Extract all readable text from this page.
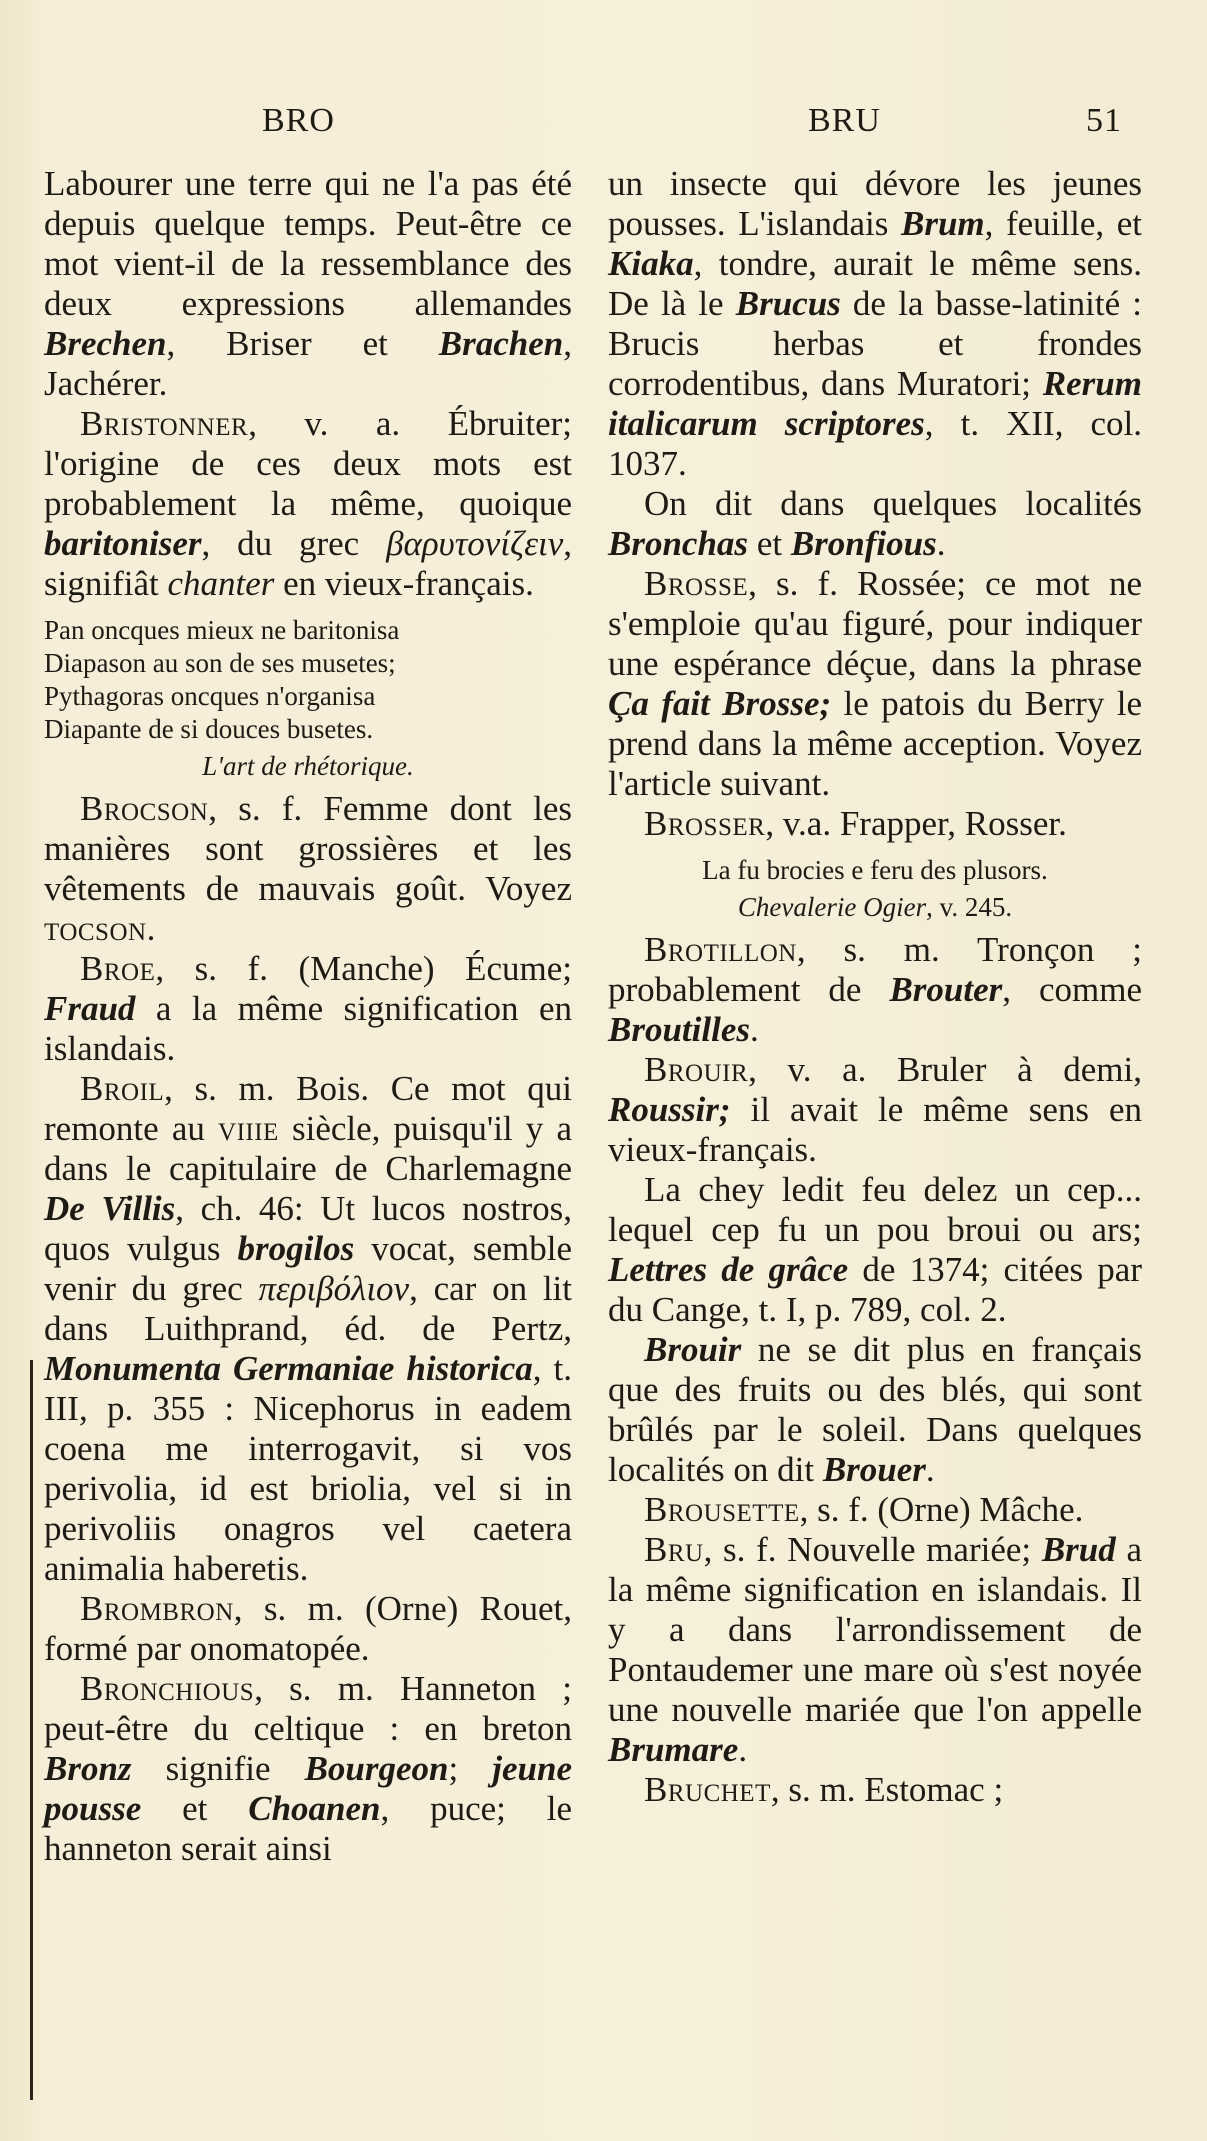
BRO	BRU	51

Labourer une terre qui ne l'a pas été depuis quelque temps. Peut-être ce mot vient-il de la ressemblance des deux expressions allemandes Brechen, Briser et Brachen, Jachérer.

Bristonner, v. a. Ébruiter; l'origine de ces deux mots est probablement la même, quoique baritoniser, du grec βαρυτονίζειν, signifiât chanter en vieux-français.

Pan oncques mieux ne baritonisa

Diapason au son de ses musetes;

Pythagoras oncques n'organisa

Diapante de si douces busetes.

L'art de rhétorique.

Brocson, s. f. Femme dont les manières sont grossières et les vêtements de mauvais goût. Voyez tocson.

Broe, s. f. (Manche) Écume; Fraud a la même signification en islandais.

Broil, s. m. Bois. Ce mot qui remonte au viiie siècle, puisqu'il y a dans le capitulaire de Charlemagne De Villis, ch. 46: Ut lucos nostros, quos vulgus brogilos vocat, semble venir du grec περιβόλιον, car on lit dans Luithprand, éd. de Pertz, Monumenta Germaniae historica, t. III, p. 355 : Nicephorus in eadem coena me interrogavit, si vos perivolia, id est briolia, vel si in perivoliis onagros vel caetera animalia haberetis.

Brombron, s. m. (Orne) Rouet, formé par onomatopée.

Bronchious, s. m. Hanneton ; peut-être du celtique : en breton Bronz signifie Bourgeon; jeune pousse et Choanen, puce; le hanneton serait ainsi

un insecte qui dévore les jeunes pousses. L'islandais Brum, feuille, et Kiaka, tondre, aurait le même sens. De là le Brucus de la basse-latinité : Brucis herbas et frondes corrodentibus, dans Muratori; Rerum italicarum scriptores, t. XII, col. 1037.

On dit dans quelques localités Bronchas et Bronfious.

Brosse, s. f. Rossée; ce mot ne s'emploie qu'au figuré, pour indiquer une espérance déçue, dans la phrase Ça fait Brosse; le patois du Berry le prend dans la même acception. Voyez l'article suivant.

Brosser, v.a. Frapper, Rosser.

La fu brocies e feru des plusors.

Chevalerie Ogier, v. 245.

Brotillon, s. m. Tronçon ; probablement de Brouter, comme Broutilles.

Brouir, v. a. Bruler à demi, Roussir; il avait le même sens en vieux-français.

La chey ledit feu delez un cep... lequel cep fu un pou broui ou ars; Lettres de grâce de 1374; citées par du Cange, t. I, p. 789, col. 2.

Brouir ne se dit plus en français que des fruits ou des blés, qui sont brûlés par le soleil. Dans quelques localités on dit Brouer.

Brousette, s. f. (Orne) Mâche.

Bru, s. f. Nouvelle mariée; Brud a la même signification en islandais. Il y a dans l'arrondissement de Pontaudemer une mare où s'est noyée une nouvelle mariée que l'on appelle Brumare.

Bruchet, s. m. Estomac ;
